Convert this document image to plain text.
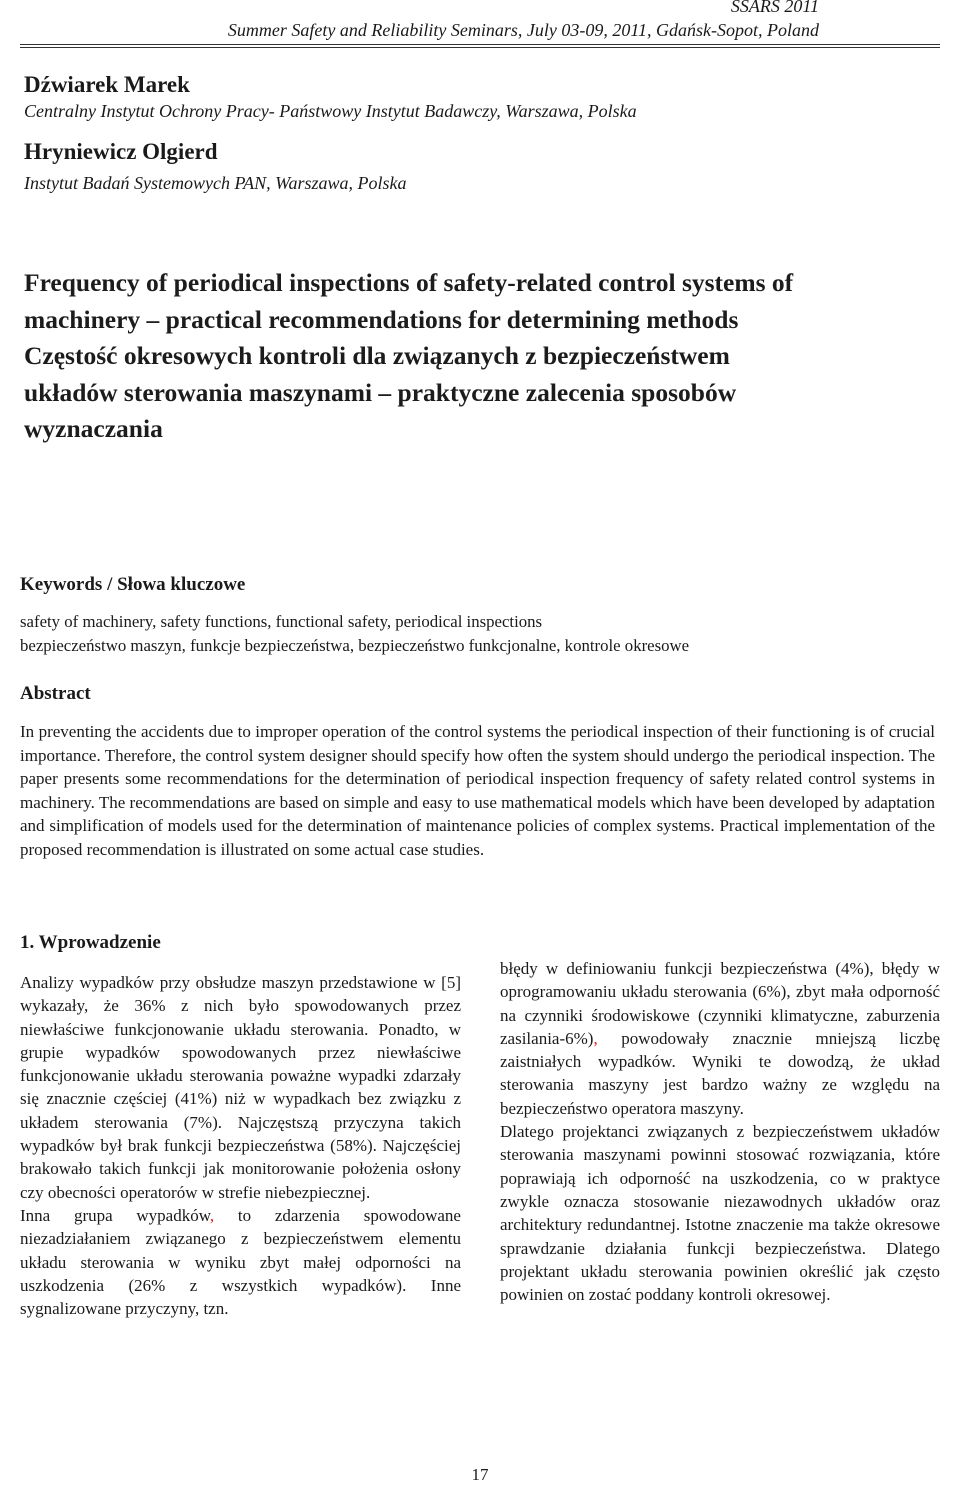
SSARS 2011
Summer Safety and Reliability Seminars, July 03-09, 2011, Gdańsk-Sopot, Poland
Dźwiarek Marek
Centralny Instytut Ochrony Pracy- Państwowy Instytut Badawczy, Warszawa, Polska
Hryniewicz Olgierd
Instytut Badań Systemowych PAN, Warszawa, Polska
Frequency of periodical inspections of safety-related control systems of
machinery – practical recommendations for determining methods
Częstość okresowych kontroli dla związanych z bezpieczeństwem
układów sterowania maszynami – praktyczne zalecenia sposobów
wyznaczania
Keywords / Słowa kluczowe
safety of machinery, safety functions, functional safety, periodical inspections
bezpieczeństwo maszyn, funkcje bezpieczeństwa, bezpieczeństwo funkcjonalne, kontrole okresowe
Abstract

In preventing the accidents due to improper operation of the control systems the periodical inspection of their functioning is of crucial importance. Therefore, the control system designer should specify how often the system should undergo the periodical inspection. The paper presents some recommendations for the determination of periodical inspection frequency of safety related control systems in machinery. The recommendations are based on simple and easy to use mathematical models which have been developed by adaptation and simplification of models used for the determination of maintenance policies of complex systems. Practical implementation of the proposed recommendation is illustrated on some actual case studies.

1. Wprowadzenie

Analizy wypadków przy obsłudze maszyn przedstawione w [5] wykazały, że 36% z nich było spowodowanych przez niewłaściwe funkcjonowanie układu sterowania. Ponadto, w grupie wypadków spowodowanych przez niewłaściwe funkcjonowanie układu sterowania poważne wypadki zdarzały się znacznie częściej (41%) niż w wypadkach bez związku z układem sterowania (7%). Najczęstszą przyczyna takich wypadków był brak funkcji bezpieczeństwa (58%). Najczęściej brakowało takich funkcji jak monitorowanie położenia osłony czy obecności operatorów w strefie niebezpiecznej.

Inna grupa wypadków, to zdarzenia spowodowane niezadziałaniem związanego z bezpieczeństwem elementu układu sterowania w wyniku zbyt małej odporności na uszkodzenia (26% z wszystkich wypadków). Inne sygnalizowane przyczyny, tzn.

błędy w definiowaniu funkcji bezpieczeństwa (4%), błędy w oprogramowaniu układu sterowania (6%), zbyt mała odporność na czynniki środowiskowe (czynniki klimatyczne, zaburzenia zasilania-6%), powodowały znacznie mniejszą liczbę zaistniałych wypadków. Wyniki te dowodzą, że układ sterowania maszyny jest bardzo ważny ze względu na bezpieczeństwo operatora maszyny.

Dlatego projektanci związanych z bezpieczeństwem układów sterowania maszynami powinni stosować rozwiązania, które poprawiają ich odporność na uszkodzenia, co w praktyce zwykle oznacza stosowanie niezawodnych układów oraz architektury redundantnej. Istotne znaczenie ma także okresowe sprawdzanie działania funkcji bezpieczeństwa. Dlatego projektant układu sterowania powinien określić jak często powinien on zostać poddany kontroli okresowej.

17
